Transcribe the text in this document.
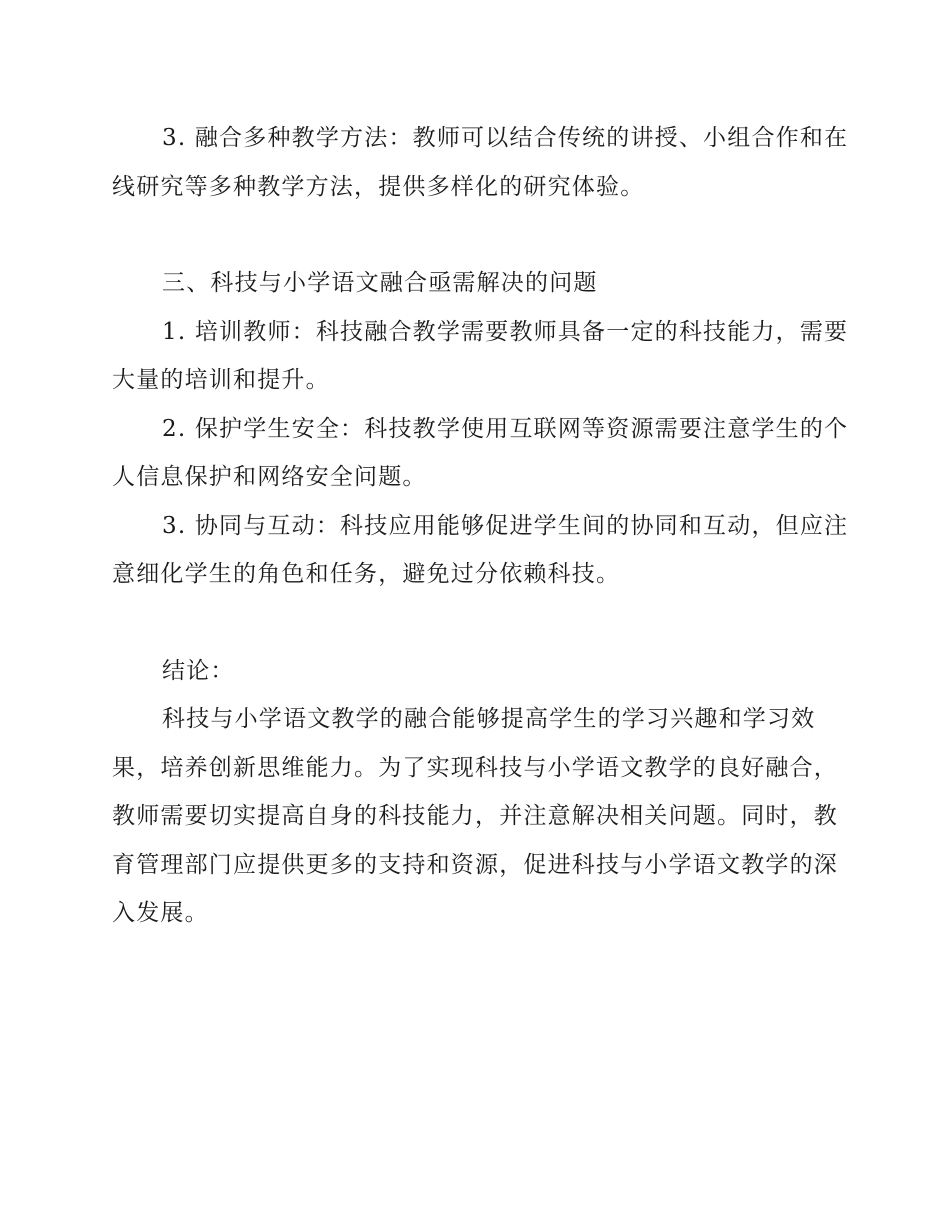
3. 融合多种教学方法：教师可以结合传统的讲授、小组合作和在线研究等多种教学方法，提供多样化的研究体验。

三、科技与小学语文融合亟需解决的问题

1. 培训教师：科技融合教学需要教师具备一定的科技能力，需要大量的培训和提升。

2. 保护学生安全：科技教学使用互联网等资源需要注意学生的个人信息保护和网络安全问题。

3. 协同与互动：科技应用能够促进学生间的协同和互动，但应注意细化学生的角色和任务，避免过分依赖科技。

结论：

科技与小学语文教学的融合能够提高学生的学习兴趣和学习效果，培养创新思维能力。为了实现科技与小学语文教学的良好融合，教师需要切实提高自身的科技能力，并注意解决相关问题。同时，教育管理部门应提供更多的支持和资源，促进科技与小学语文教学的深入发展。
